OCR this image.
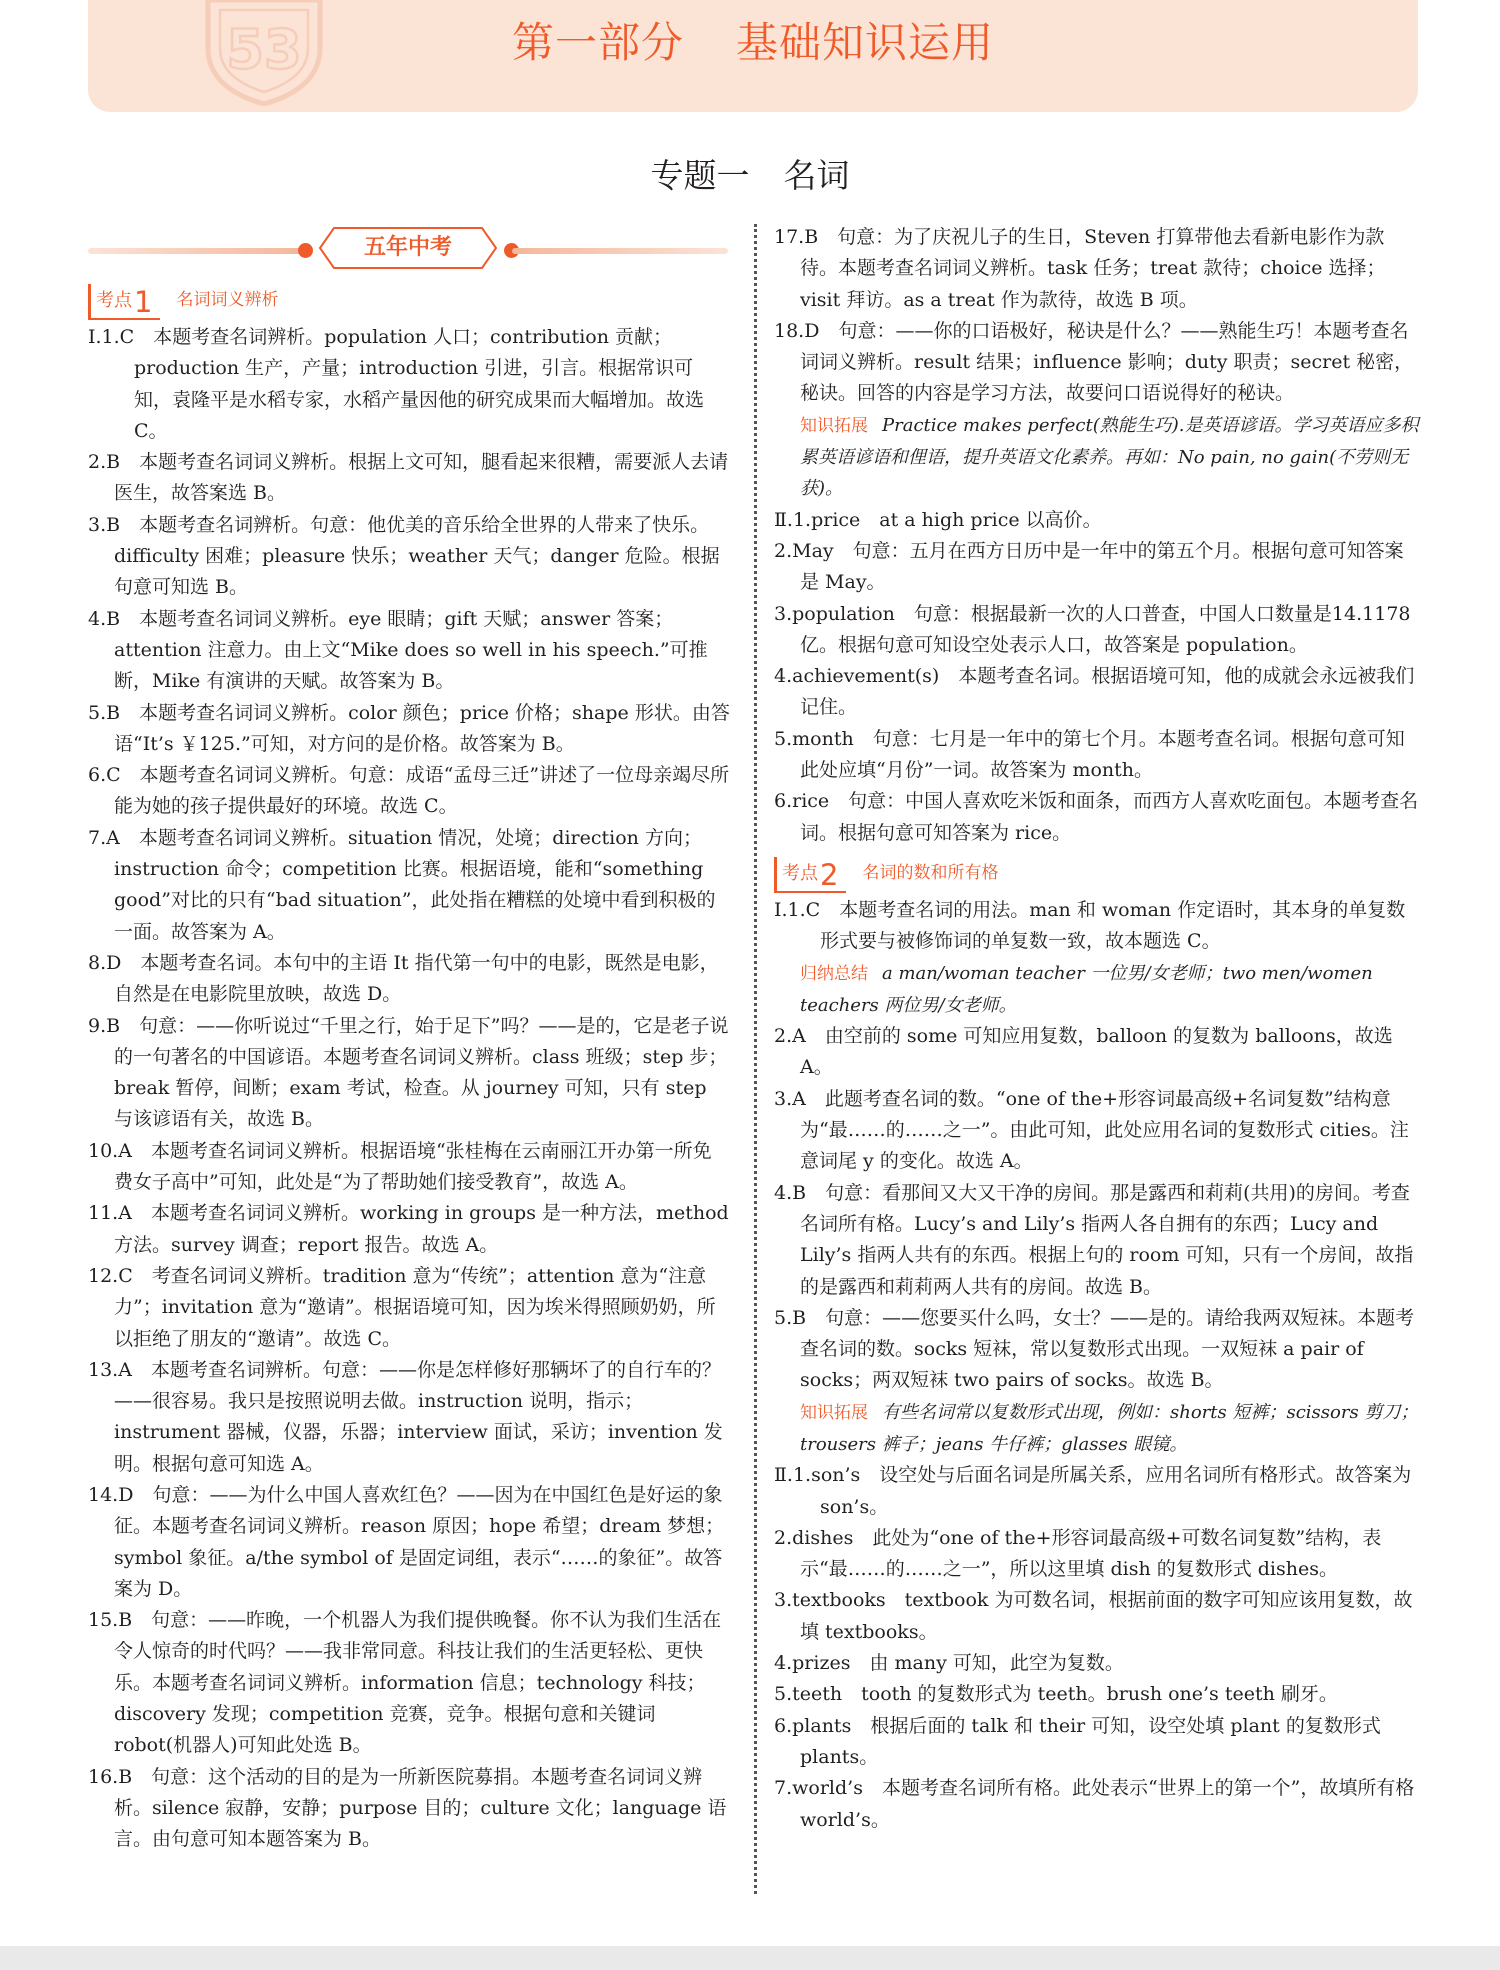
53	第一部分 基础知识运用
专题一 名词
五年中考
考点 1 名词词义辨析
Ⅰ.1.C　本题考查名词辨析。population 人口；contribution 贡献；production 生产，产量；introduction 引进，引言。根据常识可知，袁隆平是水稻专家，水稻产量因他的研究成果而大幅增加。故选 C。
2.B　本题考查名词词义辨析。根据上文可知，腿看起来很糟，需要派人去请医生，故答案选 B。
3.B　本题考查名词辨析。句意：他优美的音乐给全世界的人带来了快乐。difficulty 困难；pleasure 快乐；weather 天气；danger 危险。根据句意可知选 B。
4.B　本题考查名词词义辨析。eye 眼睛；gift 天赋；answer 答案；attention 注意力。由上文“Mike does so well in his speech.”可推断，Mike 有演讲的天赋。故答案为 B。
5.B　本题考查名词词义辨析。color 颜色；price 价格；shape 形状。由答语“It’s ￥125.”可知，对方问的是价格。故答案为 B。
6.C　本题考查名词词义辨析。句意：成语“孟母三迁”讲述了一位母亲竭尽所能为她的孩子提供最好的环境。故选 C。
7.A　本题考查名词词义辨析。situation 情况，处境；direction 方向；instruction 命令；competition 比赛。根据语境，能和“something good”对比的只有“bad situation”，此处指在糟糕的处境中看到积极的一面。故答案为 A。
8.D　本题考查名词。本句中的主语 It 指代第一句中的电影，既然是电影，自然是在电影院里放映，故选 D。
9.B　句意：——你听说过“千里之行，始于足下”吗？——是的，它是老子说的一句著名的中国谚语。本题考查名词词义辨析。class 班级；step 步；break 暂停，间断；exam 考试，检查。从 journey 可知，只有 step 与该谚语有关，故选 B。
10.A　本题考查名词词义辨析。根据语境“张桂梅在云南丽江开办第一所免费女子高中”可知，此处是“为了帮助她们接受教育”，故选 A。
11.A　本题考查名词词义辨析。working in groups 是一种方法，method 方法。survey 调查；report 报告。故选 A。
12.C　考查名词词义辨析。tradition 意为“传统”；attention 意为“注意力”；invitation 意为“邀请”。根据语境可知，因为埃米得照顾奶奶，所以拒绝了朋友的“邀请”。故选 C。
13.A　本题考查名词辨析。句意：——你是怎样修好那辆坏了的自行车的？——很容易。我只是按照说明去做。instruction 说明，指示；instrument 器械，仪器，乐器；interview 面试，采访；invention 发明。根据句意可知选 A。
14.D　句意：——为什么中国人喜欢红色？——因为在中国红色是好运的象征。本题考查名词词义辨析。reason 原因；hope 希望；dream 梦想；symbol 象征。a/the symbol of 是固定词组，表示“……的象征”。故答案为 D。
15.B　句意：——昨晚，一个机器人为我们提供晚餐。你不认为我们生活在令人惊奇的时代吗？——我非常同意。科技让我们的生活更轻松、更快乐。本题考查名词词义辨析。information 信息；technology 科技；discovery 发现；competition 竞赛，竞争。根据句意和关键词 robot(机器人)可知此处选 B。
16.B　句意：这个活动的目的是为一所新医院募捐。本题考查名词词义辨析。silence 寂静，安静；purpose 目的；culture 文化；language 语言。由句意可知本题答案为 B。
17.B　句意：为了庆祝儿子的生日，Steven 打算带他去看新电影作为款待。本题考查名词词义辨析。task 任务；treat 款待；choice 选择；visit 拜访。as a treat 作为款待，故选 B 项。
18.D　句意：——你的口语极好，秘诀是什么？——熟能生巧！本题考查名词词义辨析。result 结果；influence 影响；duty 职责；secret 秘密，秘诀。回答的内容是学习方法，故要问口语说得好的秘诀。
知识拓展 Practice makes perfect(熟能生巧).是英语谚语。学习英语应多积累英语谚语和俚语，提升英语文化素养。再如：No pain, no gain(不劳则无获)。
Ⅱ.1.price　at a high price 以高价。
2.May　句意：五月在西方日历中是一年中的第五个月。根据句意可知答案是 May。
3.population　句意：根据最新一次的人口普查，中国人口数量是14.1178亿。根据句意可知设空处表示人口，故答案是 population。
4.achievement(s)　本题考查名词。根据语境可知，他的成就会永远被我们记住。
5.month　句意：七月是一年中的第七个月。本题考查名词。根据句意可知此处应填“月份”一词。故答案为 month。
6.rice　句意：中国人喜欢吃米饭和面条，而西方人喜欢吃面包。本题考查名词。根据句意可知答案为 rice。
考点 2 名词的数和所有格
Ⅰ.1.C　本题考查名词的用法。man 和 woman 作定语时，其本身的单复数形式要与被修饰词的单复数一致，故本题选 C。
归纳总结 a man/woman teacher 一位男/女老师；two men/women teachers 两位男/女老师。
2.A　由空前的 some 可知应用复数，balloon 的复数为 balloons，故选 A。
3.A　此题考查名词的数。“one of the+形容词最高级+名词复数”结构意为“最……的……之一”。由此可知，此处应用名词的复数形式 cities。注意词尾 y 的变化。故选 A。
4.B　句意：看那间又大又干净的房间。那是露西和莉莉(共用)的房间。考查名词所有格。Lucy’s and Lily’s 指两人各自拥有的东西；Lucy and Lily’s 指两人共有的东西。根据上句的 room 可知，只有一个房间，故指的是露西和莉莉两人共有的房间。故选 B。
5.B　句意：——您要买什么吗，女士？——是的。请给我两双短袜。本题考查名词的数。socks 短袜，常以复数形式出现。一双短袜 a pair of socks；两双短袜 two pairs of socks。故选 B。
知识拓展 有些名词常以复数形式出现，例如：shorts 短裤；scissors 剪刀；trousers 裤子；jeans 牛仔裤；glasses 眼镜。
Ⅱ.1.son’s　设空处与后面名词是所属关系，应用名词所有格形式。故答案为 son’s。
2.dishes　此处为“one of the+形容词最高级+可数名词复数”结构，表示“最……的……之一”，所以这里填 dish 的复数形式 dishes。
3.textbooks　textbook 为可数名词，根据前面的数字可知应该用复数，故填 textbooks。
4.prizes　由 many 可知，此空为复数。
5.teeth　tooth 的复数形式为 teeth。brush one’s teeth 刷牙。
6.plants　根据后面的 talk 和 their 可知，设空处填 plant 的复数形式 plants。
7.world’s　本题考查名词所有格。此处表示“世界上的第一个”，故填所有格 world’s。
